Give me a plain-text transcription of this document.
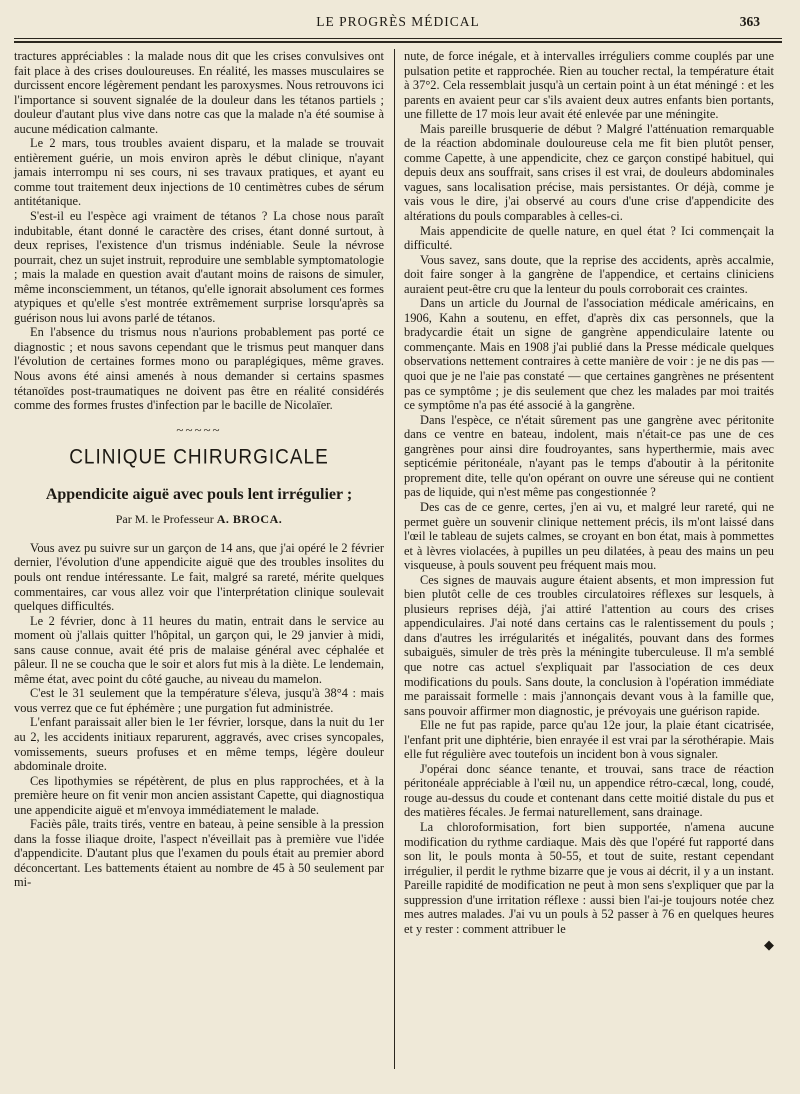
LE PROGRÈS MÉDICAL	363

tractures appréciables : la malade nous dit que les crises convulsives ont fait place à des crises douloureuses. En réalité, les masses musculaires se durcissent encore légèrement pendant les paroxysmes. Nous retrouvons ici l'importance si souvent signalée de la douleur dans les tétanos partiels ; douleur d'autant plus vive dans notre cas que la malade n'a été soumise à aucune médication calmante.

Le 2 mars, tous troubles avaient disparu, et la malade se trouvait entièrement guérie, un mois environ après le début clinique, n'ayant jamais interrompu ni ses cours, ni ses travaux pratiques, et ayant eu comme tout traitement deux injections de 10 centimètres cubes de sérum antitétanique.

S'est-il eu l'espèce agi vraiment de tétanos ? La chose nous paraît indubitable, étant donné le caractère des crises, étant donné surtout, à deux reprises, l'existence d'un trismus indéniable. Seule la névrose pourrait, chez un sujet instruit, reproduire une semblable symptomatologie ; mais la malade en question avait d'autant moins de raisons de simuler, même inconsciemment, un tétanos, qu'elle ignorait absolument ces formes atypiques et qu'elle s'est montrée extrêmement surprise lorsqu'après sa guérison nous lui avons parlé de tétanos.

En l'absence du trismus nous n'aurions probablement pas porté ce diagnostic ; et nous savons cependant que le trismus peut manquer dans l'évolution de certaines formes mono ou paraplégiques, même graves. Nous avons été ainsi amenés à nous demander si certains spasmes tétanoïdes post-traumatiques ne doivent pas être en réalité considérés comme des formes frustes d'infection par le bacille de Nicolaïer.

~~~~~
CLINIQUE CHIRURGICALE
Appendicite aiguë avec pouls lent irrégulier ;
Par M. le Professeur A. BROCA.

Vous avez pu suivre sur un garçon de 14 ans, que j'ai opéré le 2 février dernier, l'évolution d'une appendicite aiguë que des troubles insolites du pouls ont rendue intéressante. Le fait, malgré sa rareté, mérite quelques commentaires, car vous allez voir que l'interprétation clinique soulevait quelques difficultés.

Le 2 février, donc à 11 heures du matin, entrait dans le service au moment où j'allais quitter l'hôpital, un garçon qui, le 29 janvier à midi, sans cause connue, avait été pris de malaise général avec céphalée et pâleur. Il ne se coucha que le soir et alors fut mis à la diète. Le lendemain, même état, avec point du côté gauche, au niveau du mamelon.

C'est le 31 seulement que la température s'éleva, jusqu'à 38°4 : mais vous verrez que ce fut éphémère ; une purgation fut administrée.

L'enfant paraissait aller bien le 1er février, lorsque, dans la nuit du 1er au 2, les accidents initiaux reparurent, aggravés, avec crises syncopales, vomissements, sueurs profuses et en même temps, légère douleur abdominale droite.

Ces lipothymies se répétèrent, de plus en plus rapprochées, et à la première heure on fit venir mon ancien assistant Capette, qui diagnostiqua une appendicite aiguë et m'envoya immédiatement le malade.

Faciès pâle, traits tirés, ventre en bateau, à peine sensible à la pression dans la fosse iliaque droite, l'aspect n'éveillait pas à première vue l'idée d'appendicite. D'autant plus que l'examen du pouls était au premier abord déconcertant. Les battements étaient au nombre de 45 à 50 seulement par mi-

nute, de force inégale, et à intervalles irréguliers comme couplés par une pulsation petite et rapprochée. Rien au toucher rectal, la température était à 37°2. Cela ressemblait jusqu'à un certain point à un état méningé : et les parents en avaient peur car s'ils avaient deux autres enfants bien portants, une fillette de 17 mois leur avait été enlevée par une méningite.

Mais pareille brusquerie de début ? Malgré l'atténuation remarquable de la réaction abdominale douloureuse cela me fit bien plutôt penser, comme Capette, à une appendicite, chez ce garçon constipé habituel, qui depuis deux ans souffrait, sans crises il est vrai, de douleurs abdominales vagues, sans localisation précise, mais persistantes. Or déjà, comme je vais vous le dire, j'ai observé au cours d'une crise d'appendicite des altérations du pouls comparables à celles-ci.

Mais appendicite de quelle nature, en quel état ? Ici commençait la difficulté.

Vous savez, sans doute, que la reprise des accidents, après accalmie, doit faire songer à la gangrène de l'appendice, et certains cliniciens auraient peut-être cru que la lenteur du pouls corroborait ces craintes.

Dans un article du Journal de l'association médicale américains, en 1906, Kahn a soutenu, en effet, d'après dix cas personnels, que la bradycardie était un signe de gangrène appendiculaire latente ou commençante. Mais en 1908 j'ai publié dans la Presse médicale quelques observations nettement contraires à cette manière de voir : je ne dis pas — quoi que je ne l'aie pas constaté — que certaines gangrènes ne présentent pas ce symptôme ; je dis seulement que chez les malades par moi traités ce symptôme n'a pas été associé à la gangrène.

Dans l'espèce, ce n'était sûrement pas une gangrène avec péritonite dans ce ventre en bateau, indolent, mais n'était-ce pas une de ces gangrènes pour ainsi dire foudroyantes, sans hyperthermie, mais avec septicémie péritonéale, n'ayant pas le temps d'aboutir à la péritonite proprement dite, telle qu'on opérant on ouvre une séreuse qui ne contient pas de liquide, qui n'est même pas congestionnée ?

Des cas de ce genre, certes, j'en ai vu, et malgré leur rareté, qui ne permet guère un souvenir clinique nettement précis, ils m'ont laissé dans l'œil le tableau de sujets calmes, se croyant en bon état, mais à pommettes et à lèvres violacées, à pupilles un peu dilatées, à peau des mains un peu visqueuse, à pouls souvent peu fréquent mais mou.

Ces signes de mauvais augure étaient absents, et mon impression fut bien plutôt celle de ces troubles circulatoires réflexes sur lesquels, à plusieurs reprises déjà, j'ai attiré l'attention au cours des crises appendiculaires. J'ai noté dans certains cas le ralentissement du pouls ; dans d'autres les irrégularités et inégalités, pouvant dans des formes subaiguës, simuler de très près la méningite tuberculeuse. Il m'a semblé que notre cas actuel s'expliquait par l'association de ces deux modifications du pouls. Sans doute, la conclusion à l'opération immédiate me paraissait formelle : mais j'annonçais devant vous à la famille que, sans pouvoir affirmer mon diagnostic, je prévoyais une guérison rapide.

Elle ne fut pas rapide, parce qu'au 12e jour, la plaie étant cicatrisée, l'enfant prit une diphtérie, bien enrayée il est vrai par la sérothérapie. Mais elle fut régulière avec toutefois un incident bon à vous signaler.

J'opérai donc séance tenante, et trouvai, sans trace de réaction péritonéale appréciable à l'œil nu, un appendice rétro-cæcal, long, coudé, rouge au-dessus du coude et contenant dans cette moitié distale du pus et des matières fécales. Je fermai naturellement, sans drainage.

La chloroformisation, fort bien supportée, n'amena aucune modification du rythme cardiaque. Mais dès que l'opéré fut rapporté dans son lit, le pouls monta à 50-55, et tout de suite, restant cependant irrégulier, il perdit le rythme bizarre que je vous ai décrit, il y a un instant. Pareille rapidité de modification ne peut à mon sens s'expliquer que par la suppression d'une irritation réflexe : aussi bien l'ai-je toujours notée chez mes autres malades. J'ai vu un pouls à 52 passer à 76 en quelques heures et y rester : comment attribuer le

◆
